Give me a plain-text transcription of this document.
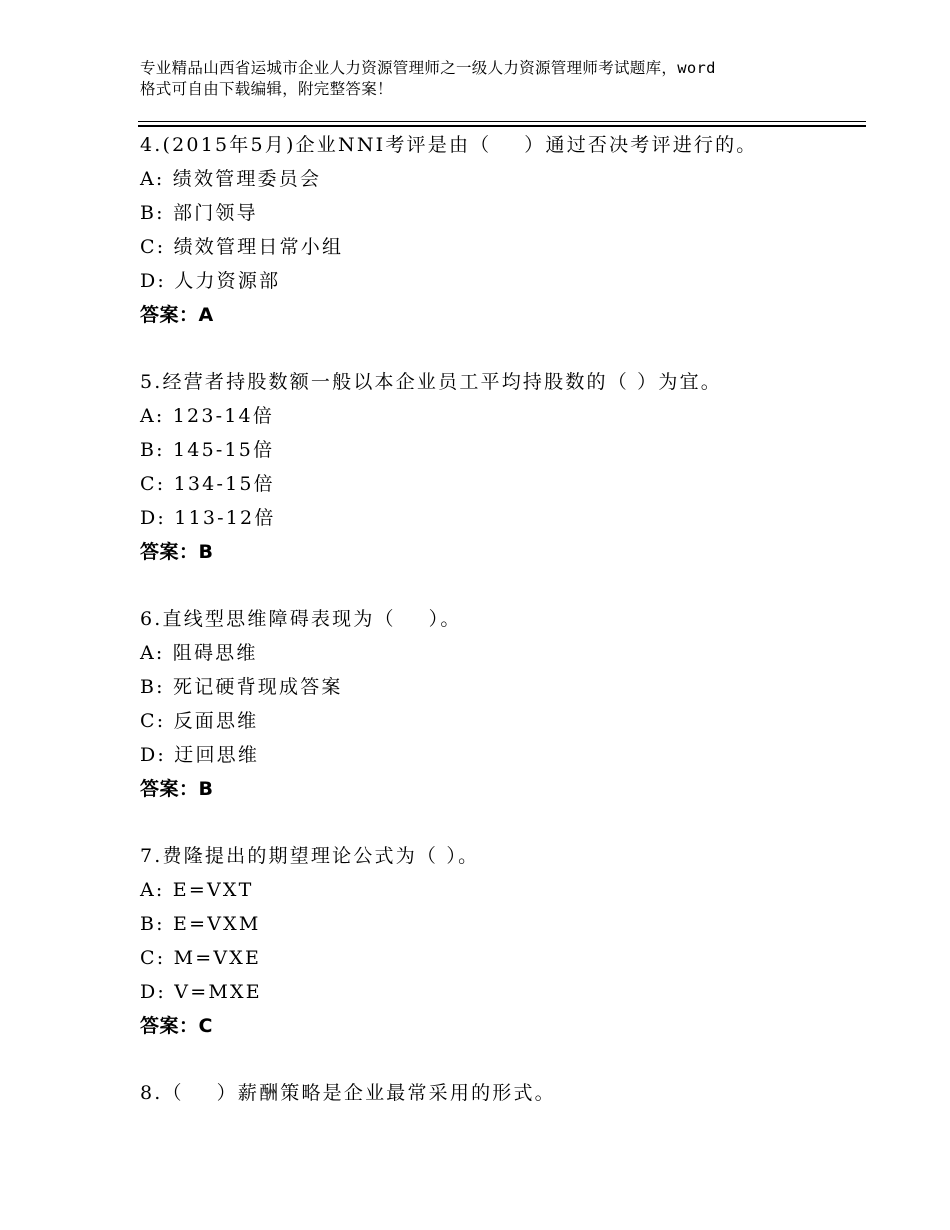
专业精品山西省运城市企业人力资源管理师之一级人力资源管理师考试题库，word
格式可自由下载编辑，附完整答案！
4.(2015年5月)企业NNI考评是由（    ）通过否决考评进行的。
A: 绩效管理委员会
B: 部门领导
C: 绩效管理日常小组
D: 人力资源部
答案：A
5.经营者持股数额一般以本企业员工平均持股数的（ ）为宜。
A: 123-14倍
B: 145-15倍
C: 134-15倍
D: 113-12倍
答案：B
6.直线型思维障碍表现为（    ）。
A: 阻碍思维
B: 死记硬背现成答案
C: 反面思维
D: 迂回思维
答案：B
7.费隆提出的期望理论公式为（ ）。
A: E=VXT
B: E=VXM
C: M=VXE
D: V=MXE
答案：C
8.（    ）薪酬策略是企业最常采用的形式。
